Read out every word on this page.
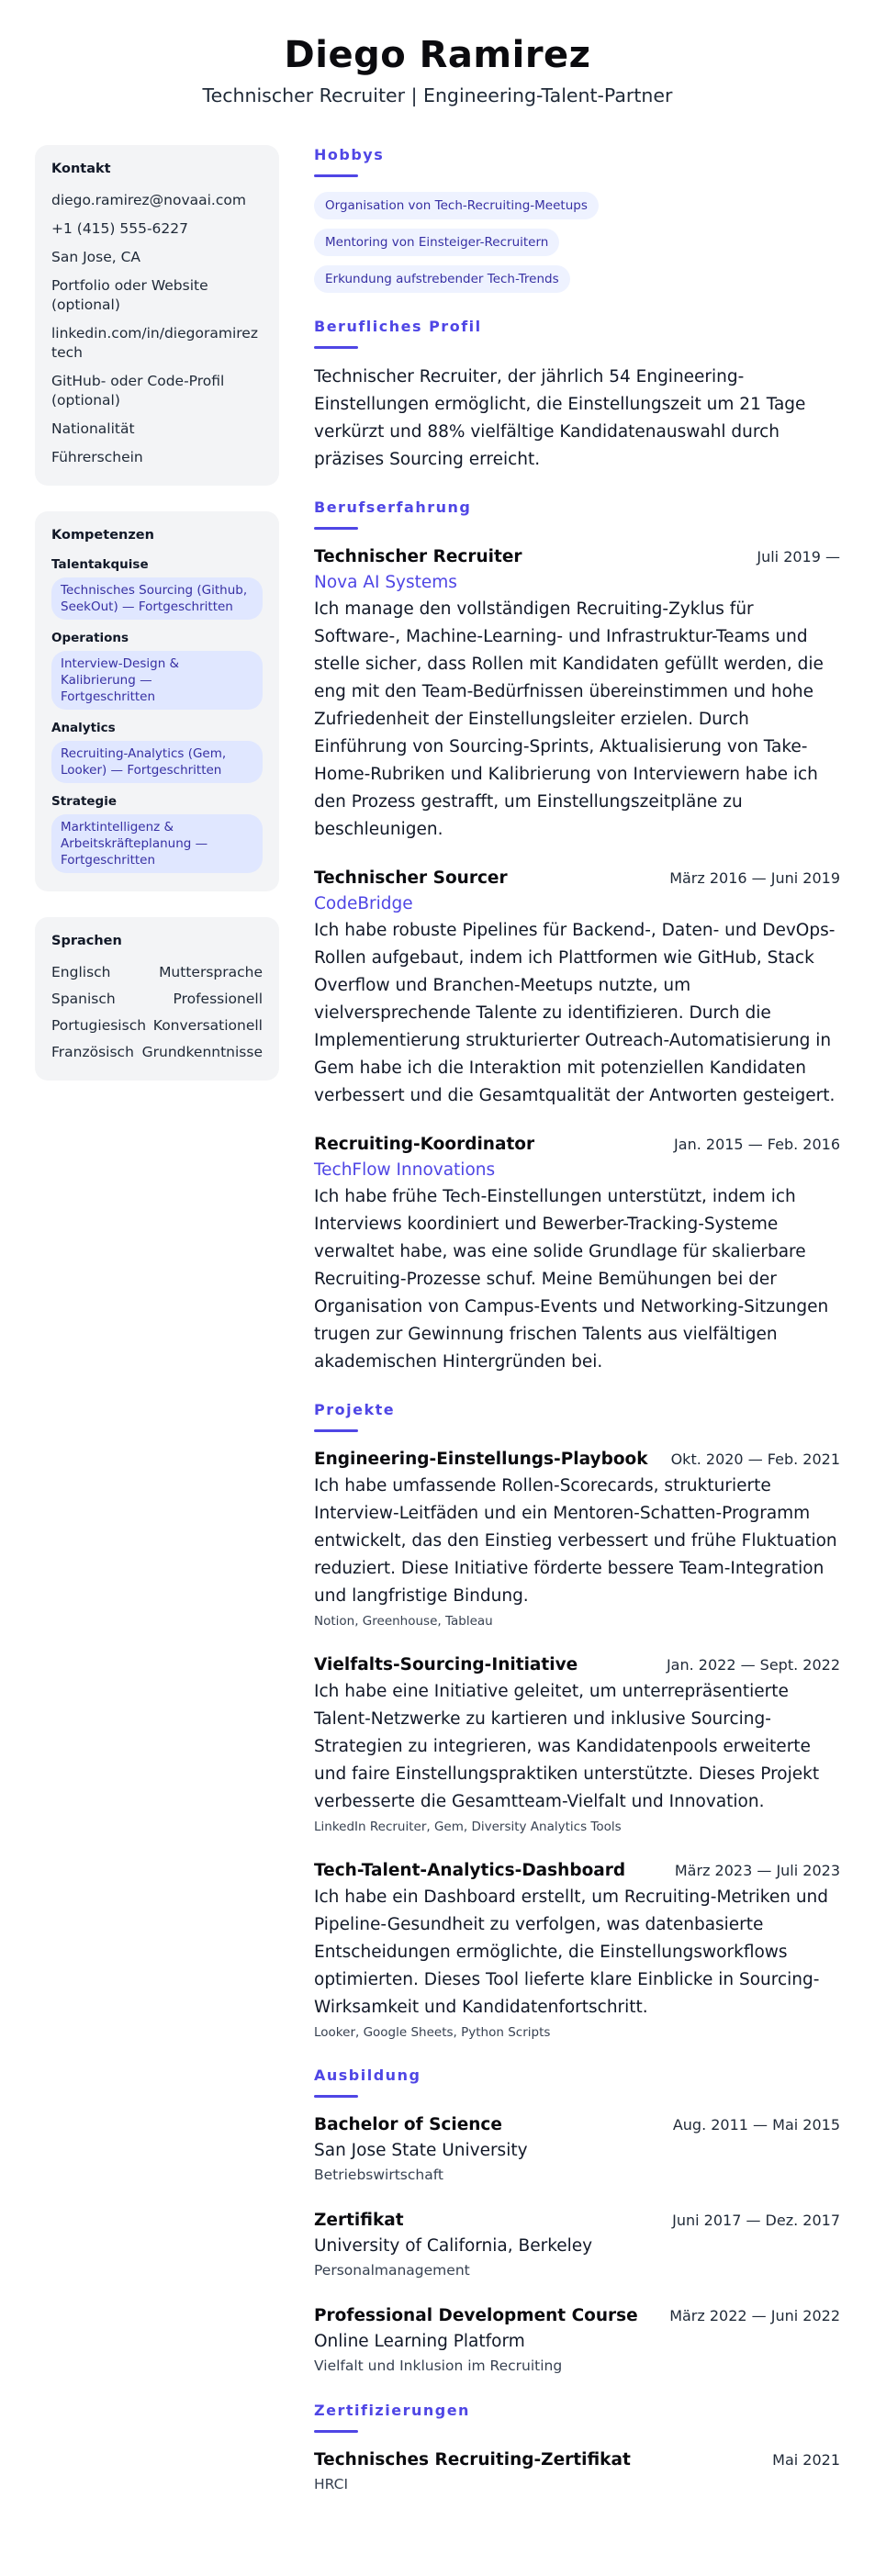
Diego Ramirez
Technischer Recruiter | Engineering-Talent-Partner
Kontakt
diego.ramirez@novaai.com
+1 (415) 555-6227
San Jose, CA
Portfolio oder Website (optional)
linkedin.com/in/diegoramireztech
GitHub- oder Code-Profil (optional)
Nationalität
Führerschein
Kompetenzen
Talentakquise
Technisches Sourcing (Github, SeekOut) — Fortgeschritten
Operations
Interview-Design & Kalibrierung — Fortgeschritten
Analytics
Recruiting-Analytics (Gem, Looker) — Fortgeschritten
Strategie
Marktintelligenz & Arbeitskräfteplanung — Fortgeschritten
Sprachen
Englisch	Muttersprache
Spanisch	Professionell
Portugiesisch Konversationell
Französisch Grundkenntnisse
Hobbys
Organisation von Tech-Recruiting-Meetups
Mentoring von Einsteiger-Recruitern
Erkundung aufstrebender Tech-Trends
Berufliches Profil

Technischer Recruiter, der jährlich 54 Engineering-Einstellungen ermöglicht, die Einstellungszeit um 21 Tage verkürzt und 88% vielfältige Kandidatenauswahl durch präzises Sourcing erreicht.

Berufserfahrung
Technischer Recruiter	Juli 2019 —
Nova AI Systems

Ich manage den vollständigen Recruiting-Zyklus für Software-, Machine-Learning- und Infrastruktur-Teams und stelle sicher, dass Rollen mit Kandidaten gefüllt werden, die eng mit den Team-Bedürfnissen übereinstimmen und hohe Zufriedenheit der Einstellungsleiter erzielen. Durch Einführung von Sourcing-Sprints, Aktualisierung von Take-Home-Rubriken und Kalibrierung von Interviewern habe ich den Prozess gestrafft, um Einstellungszeitpläne zu beschleunigen.

Technischer Sourcer	März 2016 — Juni 2019
CodeBridge

Ich habe robuste Pipelines für Backend-, Daten- und DevOps-Rollen aufgebaut, indem ich Plattformen wie GitHub, Stack Overflow und Branchen-Meetups nutzte, um vielversprechende Talente zu identifizieren. Durch die Implementierung strukturierter Outreach-Automatisierung in Gem habe ich die Interaktion mit potenziellen Kandidaten verbessert und die Gesamtqualität der Antworten gesteigert.

Recruiting-Koordinator	Jan. 2015 — Feb. 2016
TechFlow Innovations

Ich habe frühe Tech-Einstellungen unterstützt, indem ich Interviews koordiniert und Bewerber-Tracking-Systeme verwaltet habe, was eine solide Grundlage für skalierbare Recruiting-Prozesse schuf. Meine Bemühungen bei der Organisation von Campus-Events und Networking-Sitzungen trugen zur Gewinnung frischen Talents aus vielfältigen akademischen Hintergründen bei.

Projekte
Engineering-Einstellungs-Playbook Okt. 2020 — Feb. 2021

Ich habe umfassende Rollen-Scorecards, strukturierte Interview-Leitfäden und ein Mentoren-Schatten-Programm entwickelt, das den Einstieg verbessert und frühe Fluktuation reduziert. Diese Initiative förderte bessere Team-Integration und langfristige Bindung.

Notion, Greenhouse, Tableau
Vielfalts-Sourcing-Initiative	Jan. 2022 — Sept. 2022

Ich habe eine Initiative geleitet, um unterrepräsentierte Talent-Netzwerke zu kartieren und inklusive Sourcing-Strategien zu integrieren, was Kandidatenpools erweiterte und faire Einstellungspraktiken unterstützte. Dieses Projekt verbesserte die Gesamtteam-Vielfalt und Innovation.

LinkedIn Recruiter, Gem, Diversity Analytics Tools
Tech-Talent-Analytics-Dashboard	März 2023 — Juli 2023

Ich habe ein Dashboard erstellt, um Recruiting-Metriken und Pipeline-Gesundheit zu verfolgen, was datenbasierte Entscheidungen ermöglichte, die Einstellungsworkflows optimierten. Dieses Tool lieferte klare Einblicke in Sourcing-Wirksamkeit und Kandidatenfortschritt.

Looker, Google Sheets, Python Scripts
Ausbildung
Bachelor of Science	Aug. 2011 — Mai 2015
San Jose State University
Betriebswirtschaft
Zertifikat	Juni 2017 — Dez. 2017
University of California, Berkeley
Personalmanagement
Professional Development Course März 2022 — Juni 2022
Online Learning Platform
Vielfalt und Inklusion im Recruiting
Zertifizierungen
Technisches Recruiting-Zertifikat	Mai 2021
HRCI
